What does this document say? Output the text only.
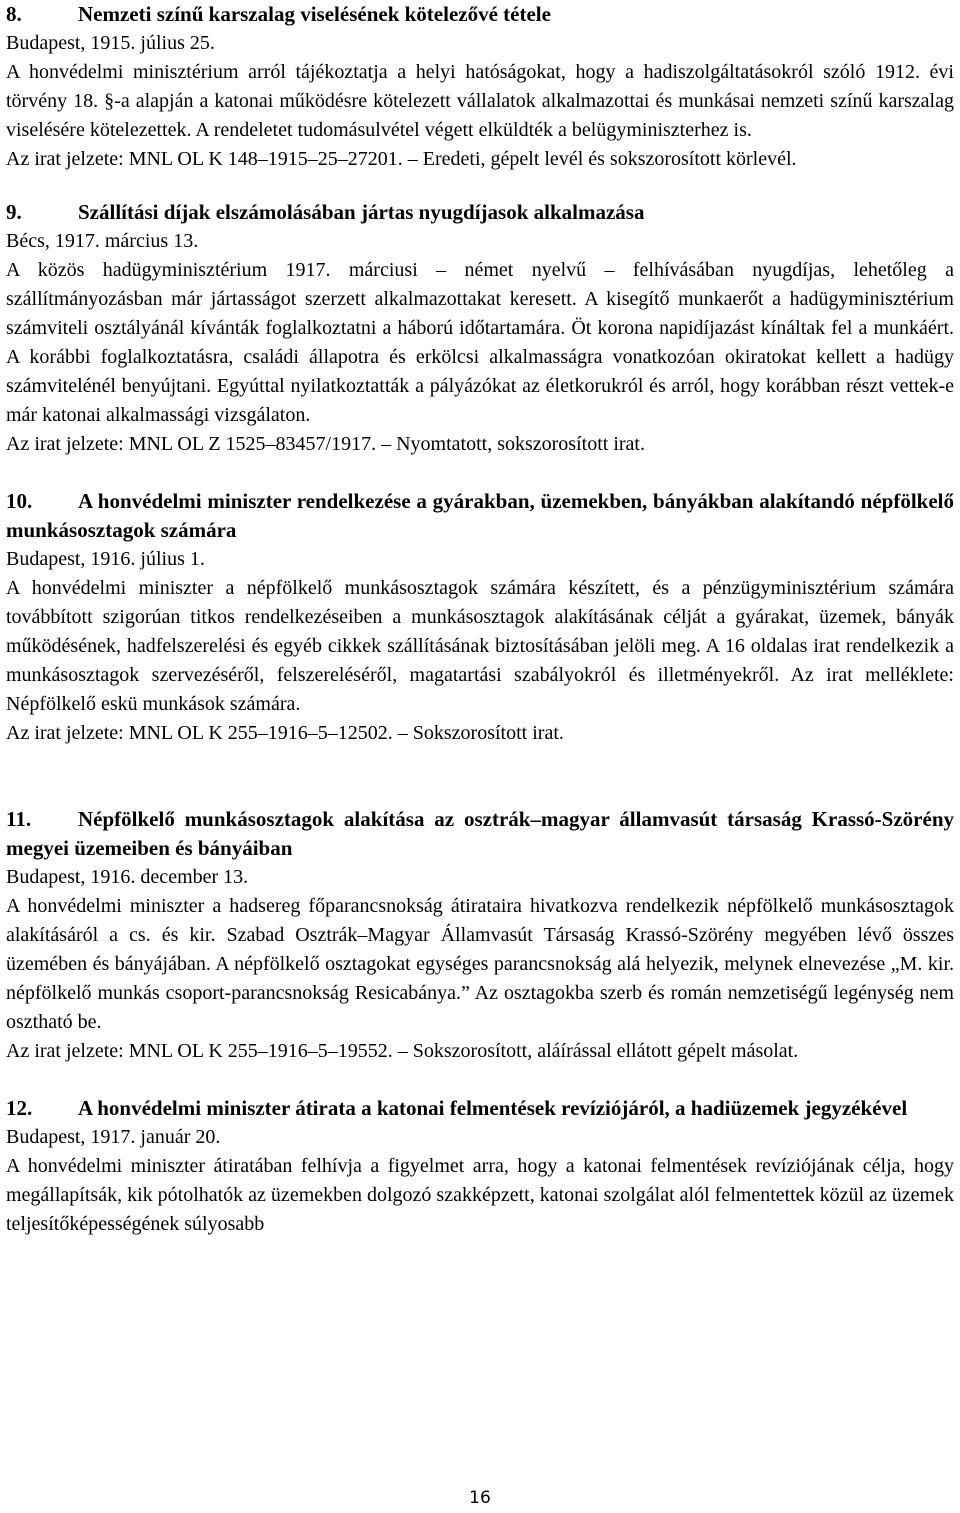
8.	Nemzeti színű karszalag viselésének kötelezővé tétele

Budapest, 1915. július 25.

A honvédelmi minisztérium arról tájékoztatja a helyi hatóságokat, hogy a hadiszolgáltatásokról szóló 1912. évi törvény 18. §-a alapján a katonai működésre kötelezett vállalatok alkalmazottai és munkásai nemzeti színű karszalag viselésére kötelezettek. A rendeletet tudomásulvétel végett elküldték a belügyminiszterhez is.

Az irat jelzete: MNL OL K 148–1915–25–27201. – Eredeti, gépelt levél és sokszorosított körlevél.

9.	Szállítási díjak elszámolásában jártas nyugdíjasok alkalmazása

Bécs, 1917. március 13.

A közös hadügyminisztérium 1917. márciusi – német nyelvű – felhívásában nyugdíjas, lehetőleg a szállítmányozásban már jártasságot szerzett alkalmazottakat keresett. A kisegítő munkaerőt a hadügyminisztérium számviteli osztályánál kívánták foglalkoztatni a háború időtartamára. Öt korona napidíjazást kínáltak fel a munkáért. A korábbi foglalkoztatásra, családi állapotra és erkölcsi alkalmasságra vonatkozóan okiratokat kellett a hadügy számvitelénél benyújtani. Egyúttal nyilatkoztatták a pályázókat az életkorukról és arról, hogy korábban részt vettek-e már katonai alkalmassági vizsgálaton.

Az irat jelzete: MNL OL Z 1525–83457/1917. – Nyomtatott, sokszorosított irat.

10. A honvédelmi miniszter rendelkezése a gyárakban, üzemekben, bányákban alakítandó népfölkelő munkásosztagok számára

Budapest, 1916. július 1.

A honvédelmi miniszter a népfölkelő munkásosztagok számára készített, és a pénzügyminisztérium számára továbbított szigorúan titkos rendelkezéseiben a munkásosztagok alakításának célját a gyárakat, üzemek, bányák működésének, hadfelszerelési és egyéb cikkek szállításának biztosításában jelöli meg. A 16 oldalas irat rendelkezik a munkásosztagok szervezéséről, felszereléséről, magatartási szabályokról és illetményekről. Az irat melléklete: Népfölkelő eskü munkások számára.

Az irat jelzete: MNL OL K 255–1916–5–12502. – Sokszorosított irat.

11. Népfölkelő munkásosztagok alakítása az osztrák–magyar államvasút társaság Krassó-Szörény megyei üzemeiben és bányáiban

Budapest, 1916. december 13.

A honvédelmi miniszter a hadsereg főparancsnokság átirataira hivatkozva rendelkezik népfölkelő munkásosztagok alakításáról a cs. és kir. Szabad Osztrák–Magyar Államvasút Társaság Krassó-Szörény megyében lévő összes üzemében és bányájában. A népfölkelő osztagokat egységes parancsnokság alá helyezik, melynek elnevezése „M. kir. népfölkelő munkás csoport-parancsnokság Resicabánya.” Az osztagokba szerb és román nemzetiségű legénység nem osztható be.

Az irat jelzete: MNL OL K 255–1916–5–19552. – Sokszorosított, aláírással ellátott gépelt másolat.

12. A honvédelmi miniszter átirata a katonai felmentések revíziójáról, a hadiüzemek jegyzékével

Budapest, 1917. január 20.

A honvédelmi miniszter átiratában felhívja a figyelmet arra, hogy a katonai felmentések revíziójának célja, hogy megállapítsák, kik pótolhatók az üzemekben dolgozó szakképzett, katonai szolgálat alól felmentettek közül az üzemek teljesítőképességének súlyosabb

16
